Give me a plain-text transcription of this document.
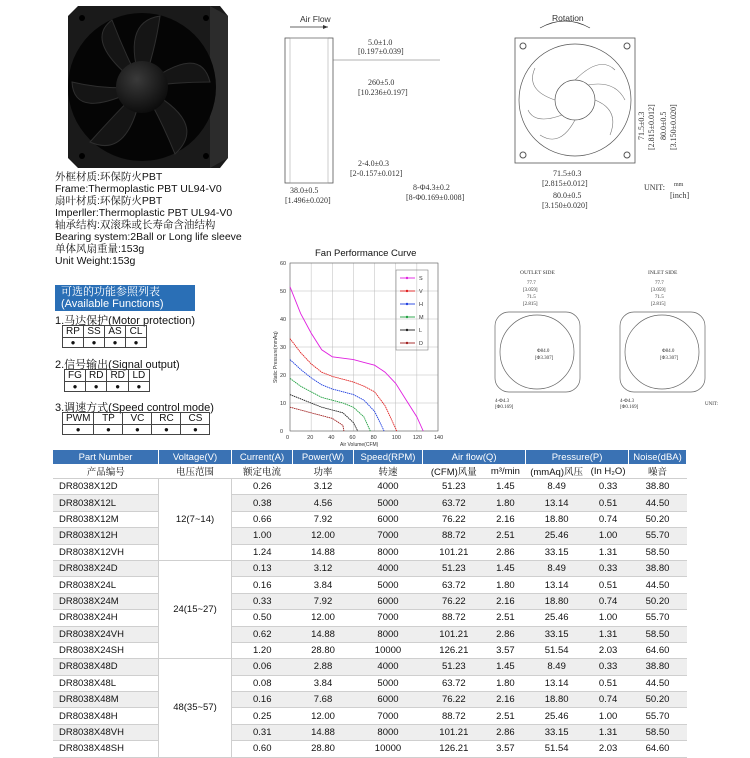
外框材质:环保防火PBT
Frame:Thermoplastic PBT UL94-V0
扇叶材质:环保防火PBT
Imperller:Thermoplastic PBT UL94-V0
轴承结构:双滚珠或长寿命含油结构
Bearing system:2Ball or Long life sleeve
单体风扇重量:153g
Unit Weight:153g
可选的功能参照列表
(Available Functions)
1.马达保护(Motor protection)
RP	SS	AS	CL
●	●	●	●
2.信号输出(Signal output)
FG	RD	RD	LD
●	●	●	●
3.调速方式(Speed control mode)
PWM	TP	VC	RC	CS
●	●	●	●	●
Air Flow
5.0±1.0
[0.197±0.039]
260±5.0
[10.236±0.197]
2-4.0±0.3
[2-0.157±0.012]
38.0±0.5
[1.496±0.020]
8-Φ4.3±0.2
[8-Φ0.169±0.008]
Rotation
71.5±0.3
[2.815±0.012]
80.0±0.5
[3.150±0.020]
71.5±0.3 [2.815±0.012] 80.0±0.5 [3.150±0.020]
UNIT: mm
[inch]
Fan Performance Curve
0	20	40	60	80	100 120 140
0
10
20
30
40
50
60
S
V
H
M
L
D
Static Pressure(mmAq)
Air Volume(CFM)
OUTLET SIDE
77.7
[3.059]
71.5
[2.815]
Φ84.0
[Φ3.307]
4-Φ4.3
[Φ0.169]
INLET SIDE
77.7
[3.059]
71.5
[2.815]
Φ84.0
[Φ3.307]
4-Φ4.3
[Φ0.169]
UNIT:
Part Number	Voltage(V)	Current(A)	Power(W)	Speed(RPM)	Air flow(Q)		Pressure(P)		Noise(dBA)
产品编号	电压范围	额定电流	功率	转速	(CFM)风量	m³/min	(mmAq)风压	(In H₂O)	噪音
DR8038X12D	12(7~14)	0.26	3.12	4000	51.23	1.45	8.49	0.33	38.80
DR8038X12L		0.38	4.56	5000	63.72	1.80	13.14	0.51	44.50
DR8038X12M		0.66	7.92	6000	76.22	2.16	18.80	0.74	50.20
DR8038X12H		1.00	12.00	7000	88.72	2.51	25.46	1.00	55.70
DR8038X12VH		1.24	14.88	8000	101.21	2.86	33.15	1.31	58.50
DR8038X24D	24(15~27)	0.13	3.12	4000	51.23	1.45	8.49	0.33	38.80
DR8038X24L		0.16	3.84	5000	63.72	1.80	13.14	0.51	44.50
DR8038X24M		0.33	7.92	6000	76.22	2.16	18.80	0.74	50.20
DR8038X24H		0.50	12.00	7000	88.72	2.51	25.46	1.00	55.70
DR8038X24VH		0.62	14.88	8000	101.21	2.86	33.15	1.31	58.50
DR8038X24SH		1.20	28.80	10000	126.21	3.57	51.54	2.03	64.60
DR8038X48D	48(35~57)	0.06	2.88	4000	51.23	1.45	8.49	0.33	38.80
DR8038X48L		0.08	3.84	5000	63.72	1.80	13.14	0.51	44.50
DR8038X48M		0.16	7.68	6000	76.22	2.16	18.80	0.74	50.20
DR8038X48H		0.25	12.00	7000	88.72	2.51	25.46	1.00	55.70
DR8038X48VH		0.31	14.88	8000	101.21	2.86	33.15	1.31	58.50
DR8038X48SH		0.60	28.80	10000	126.21	3.57	51.54	2.03	64.60
